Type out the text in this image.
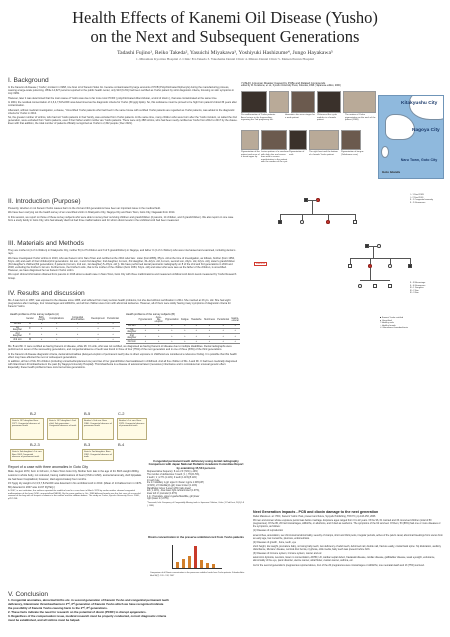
Health Effects of Kanemi Oil Disease (Yusho)
on the Next and Subsequent Generations
Tadashi Fujino¹, Reiko Takeda², Yasuichi Miyakawa³, Yoshiyuki Hashizume⁴, Jungo Hayakawa⁵
1. Minamata Kyoritsu Hospital 2. Clinic Eri-Takeda 3. Yokohama Dental Clinic 4. Minato Dental Clinic 5. Meisen Purrun Hospital
I. Background

In the Kanemi oil disease ( Yusho ) incident in 1968, rice bran oil of Kanemi Soko Co. became contaminated by large amounts of PCB (Polychlorinated biphenyls) during the manufacturing process, causing a large-scale poisoning. While 14,627 persons reported to the public health center, only 913 (6.2%) had been certified as Yusho patient by strict diagnostic criteria, focusing on skin symptoms in July 1969.

However, later it was determined that the main cause of Yusho was due to far more toxic PCDF ( polychlorinated dibenzofuran, a kind of dioxin ), that was contaminated at the same time.

In 2004, the residual concentration of 2,3,4,7,8-PeCDF was determined as the diagnostic criteria for Yusho (30 pg/g lipids). So, this substance must be proved to be high from patient's blood 36 years after contamination.

Afterward, without medical investigation, a clause, "Uncertified Yusho patients who had lived in the same house with certified Yusho patients are regarded as Yusho patients, was added to the diagnostic criteria for Yusho in 2012.

So, the greater number of victims, who had not Yusho patients in their family, was excluded from Yusho patients. At the same time, many children who were born after the Yusho incident, so called the 2nd generation, were excluded from Yusho patients, even if their father and/or mother are Yusho patients. There were only 288 victims, who had been newly certified as Yusho from 2012 to 2017 by the clause. Even with that addition, the total number of patients officially recognized as Yusho is 2,322 people ( Dec 2021).

YUSHO: A Human Disaster Caused by PCBs and Related Compounds
edited by M. Kuratsune, et. al., Kyushu University Press, Fukuoka, 1996 ( Japanese edition, 2000)
Pre-malformation of Yusho patients. Acne lesions in the fingernailing, ingrowing the 2nd pregnancy toe.
Hematotic skin acne stages for a male patient
Chloracne-like cystic nodules in a female patient
The motion of Yusho pigmentation on the neck of the patient (1969)
Pigmentation of the patient and acne of a fused upper lip
Lesion pattern of a new-born with dark skin and severe from mild to severe manifestation in the patient with the number of the cyst.
Pigmentation of nails
The right front and the bottom of a female Yusho patient.
Pigmentation of tongue (Yokohama case)
Kitakyushu City
Nagoya City
Naru Town, Goto City
Goto Islands
II. Introduction (Purpose)

Presently, whether or not Kanemi Yusho causes harm to the 2nd and 3rd generations have been an important issue in the medical field.

We have been carrying out the health survey of an uncertified victim in Kitakyushu City, Nagoya City and Naru Town, Goto City, Nagasaki from 2014.

In this session, we report on those of these survey subjects who were able to survey their surviving children and grandchildren (2 parents, 14 children, and 3 grandchildren). We also report on one case from a study family in Goto City, who had already died but had three malformations and for whom dioxin levels in the umbilical cord had been measured.

III. Materials and Methods

They are mother A (4 of 4 children) in Kitakyushu City, mother B (4 of 5 children and 3 of 3 grandchildren) in Nagoya, and father C (2 of 2 children) who were interviewed and examined, including dental x-rays.

We have investigated Yusho victims in 2013, who ate Kanemi oil in Naru Town and certified at the 2012 relief law : sister (born1956), 65yrs. old at the time of investigation, as follows, brother (born 1954, 61yrs. old) and each of their children(2nd generations: 1st son, 1 and 2nd daughter, 2nd daughter, 1st son, 3rd daughter, 32~42yrs. old, 1st son, second son, 24yrs. old, 22yrs. old), sister's grandchildren (3rd daughter's children(3rd generations; 3 patients (1st son, 2nd son, 1st daughter) 5~15yrs. old )). We have performed dental panoramic radiography on 8 of the 2nd and 3rd generations in 2016 and 2018, excluding the brother's 1st son. Furthermore, the brother's wife, that is the mother of the children (born 1954, 61yrs. old) and sister who were tave as the father of the children, is uncertified. However, we have diagnosed her as Kanemi Yusho victim.

We report clinical information obtained from parents in 2016 about a death case in Naru Town, Goto City with three malformations and measured umbilical cord dioxin levels measured by Yusho Research Group.

IV. Results and discussion

Ms. A was born in 1957, was exposed to the disease since 1965, and suffered from many serious health problems, but she died without certification in 2011. She married at 23 yrs. old. She had eight pregnancies after marriage, four miscarriages and stillbirths, and all four children were born with abnormal deliveries. However, all of them were sickly having many symptoms of diagnostic criteria for Kanemi Yusho.

	Gender	Birth-weight	Complications	Congenital abnormalities	Development	Periodontal
1st son	M	+	+	+	+	+
1st daughter	F	+	+	−	+	+
2nd daughter	F	+	+	+	+	+
2nd son	M	+	+	−	+	+
Health problems of the survey subjects (A)
	Hypertension	Acne-like eruption	Pigmentation	Fatigue	Headache	Numbness	Periodontal	Gastro-enteral
1st son	+	+	+	+	+	+	+	+
1st daughter	+	+	+	+	+	+	+	+
2nd daughter	+	+	+	+	+	+	+	+
2nd son	+	+	+	+	+	+	+	+
Health problems of the survey subjects (B)

Ms. B and Mr. C were certified as having Kanemi oil disease, while Mr. C's wife, who was not certified, we diagnosed as having Kanemi oil disease due to multiple disabilities. Dental radiographs were performed on seven of the succeeding generations, and congenital absence of teeth was found in three of four (75%) of the next generation and in one of three (33%) of the third generations.

In the Kanemi oil disease diagnostic criteria, dental abnormalities (delayed eruption of permanent teeth) due to direct exposure in childhood are considered a reference finding. It is possible that this health effect may have affected the next or subsequent generations.

In addition, all four of Ms. B's children (including unmarried/unplanned one) and two of her grandchildren had swallowed in childhood. And all five children of Ms. A and Mr. C had been medically diagnosed with Glanzmann thrombasthenia in the past (by Nagoya University Hospital). Thrombasthenia is a disease of autosomal latent (recessive) inheritance and is considered an unusual genetic effect. Especially, these health problems have occurred across generations.

Mother A
Ⅰ - 1 Died 1983
Ⅰ - 2 Died 2011
Ⅱ - 1 Congenital anomaly
Ⅱ - 2 Glanzmann
Ⅱ - 3 Miscarriage
Ⅱ - 4 Glanzmann
Ⅲ - 1 Daughter
Ⅲ - 2 Son
Ⅲ - 3 Son
■ Kanemi Yusho certified
● Uncertified
□ Healthy male
○ Healthy female
✕ Glanzmann thrombasthenia
B-2	B-5	C-2
Sister's 1ST daughter Born 1977: Congenital absence of permanent teeth
Sister's 1ST daughter's 2nd child, 3rd generation: Congenital absence of teeth
Brother's 2nd son: Born 1980: Congenital absence of permanent teeth
Brother's 1st son: Born 1978: Congenital absence of permanent teeth
B-2-3	B-3	B-4
Sister's 3rd daughter's 1st son: Born 2002 Congenital absence of permanent teeth
Sister's 2nd daughter: Born 1982: Congenital absence of teeth

Report of a case with three anomalies in Goto City

Male. August 1973, born in full term, in Naru Town Goto City. Mother born late in the age of 34. Birth weight 2000g. Lesions in whole body, not coloured, having malformations of heart (VSD or ASD), anorectal anomaly, cleft lip/palate.

He had been hospitalized, however, died approximately four months.

15.7pg/g dry weight of 2,3,5,7,8-PeCDF was detected in his umbilical cord in 2013. (Mean of 14 babies born in 1970-80) detected in 2007 was 14.97 PgTEQ.)

In 2007, in our institution, the authors reported the umbilical cord in a case born in March 1975 by earlier mother showed congenital malformations of the heart (VSD, anorectal/and NEUE). By the same mother in Oct. 1968 different female was the first case of successful renewal of the bag with all respect of dioxins in the mother and the stillborn babies. The study on Yusho, Kyushu University Press. 2000, p257-258.

Congenital permanent teeth deficiency using dental radiography
Comparison with Japan National Pediatric Academic Committee Report by examining 15,544 persons
Representative frequency: 8 out of 9 (71%) (+10%)
The number of deficiencies: 6 teeth ( 1 ), 7%(±1.5%),
2 teeth ( 1 ) 2.7% (1.11%), 3 teeth (1.11%)(5.11%)
In tooth type
the 2ⁿᵈ maxillary 1.gpl: upper 1ˢᵗ/lower 1.gpl:e 1.33%(UP)
(1.51%), 2ⁿᵈ Maxillary(1.gpl): lower incisor (1.14%)
Mandibular incisor (Lower) 20% (ratio lower)
left ( 1.11%) , Also lower right central incisor (1.07%),
lower left 1ˢᵗ premolar (1.07%)
4 in : Premolars, upper 2-gauba Mandible, gdl (lower
right (lower 2 (1.07%)
*Yamazaki, Ishii: Frequency of Congenitally Missing teeth in Japanese Children, Ortho ( J Ped.Dent, 20(1);1-8 ), 1988)
Dioxin concentration in the preserve umbilical cord from Yusho patients
Comparison of all Dioxin concentration in the preserves umbilical cords from Yusho patients. Fukuoka Acta Med 98(7): 120 - 132, 2007
Next Generation Impacts - PCB and dioxin damage to the next generation

Reiko Masuta et. al.: PDC, Kanemi Yusho: Past, present and future, Syoyufu Publishing, TOKYO, pp.143-153, 2006

99 men and women whose exposure period was before marriage. Exposure ages ranged from 0 to 22 years. Of the 96, 61 married and 33 conceived children (total of 80 pregnancies). Of the 80, 20 had miscarriages, stillbirths, or abortions, and 3 died as newborns. The symptoms of the 62 survived. Of them, 53 (86%) had one or more diseases or the symptoms, as follows:

(1) Diseases of reproduction

amenorrhea, anovulation, sex chromosomal abnormality, severity of cramps, short and thick penis, irregular periods, aches of the pelvic canal, abnormal bleedings from uterus from an early age, low menarche, pleorous, endometriosis.

(2) Diseases of growth , bone, teeth, eye

short height, low weight, premature baby, no losing baby teeth, two deficiency of adult teeth, deformed nail, double nail, fracture easily, cranial back spine: hip dislocation, auditory disturbance, Menière' disease, cervical disc hernia, myphosa, otitis media, baby teeth was present before birth.

(3) Diseases of immune system, immune system, cancer and etc

autonomic dystonia, neurosis, lower no concentration, ADHD, LD, cardiac septal defect, Kawasaki disease, cardiac disease, gallbladder disease, weak eyesight, endurance, abnormality of the eye, panic disorder, uterine cancer, atrial flutter, ovarian cancer, asthma, etc.

As for the second generation's pregnancies reported above, four of the 20 pregnancies were miscarriages or stillbirths; one neonatal death and 13 (75%) survived.

V. Conclusion
1. Congenital anomalies, abnormal births etc. in second generation of Kanemi Yusho and congenital permanent teeth
deficiency, Glanzmann thrombasthenia in 2ⁿᵈ, 3ʳᵈ generation of Kanemi Yusho which we have recognized indicate
the possibility of Kanemi Yusho causing harm to the 2ⁿᵈ, 3ʳᵈ generations.
2. These facts indicate the need for research on the potential of dioxin (PCDF) to disrupt epigenetics.
3. Regardless of the compensation issue, medical research must be properly conducted, correct diagnostic criteria
must be established, and all victims must be helped.
